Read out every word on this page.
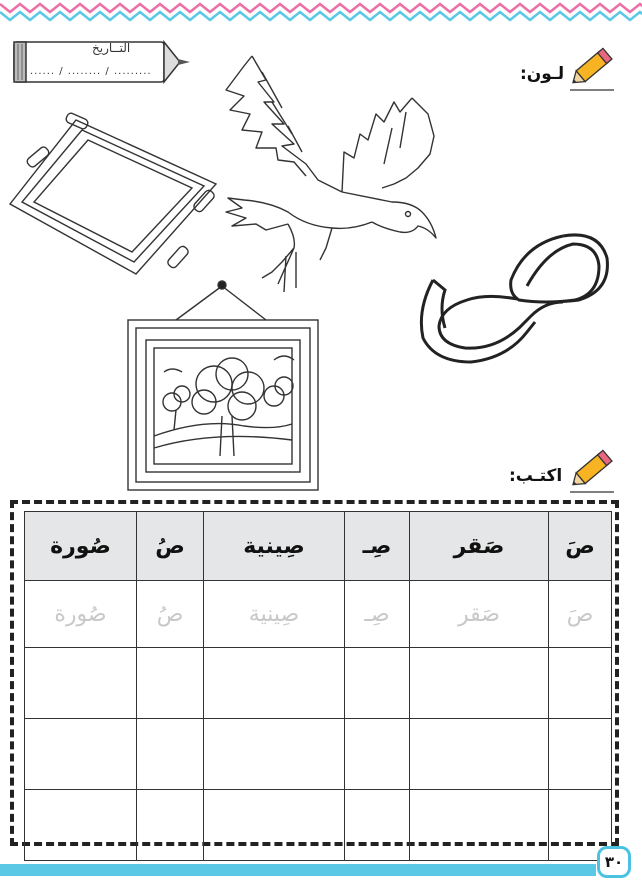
التــاريخ
...... / ........ / .........	لـون:
اكتـب:
صَ	صَقر	صِـ	صِينية	صُ	صُورة
صَ	صَقر	صِـ	صِينية	صُ	صُورة

٣٠
